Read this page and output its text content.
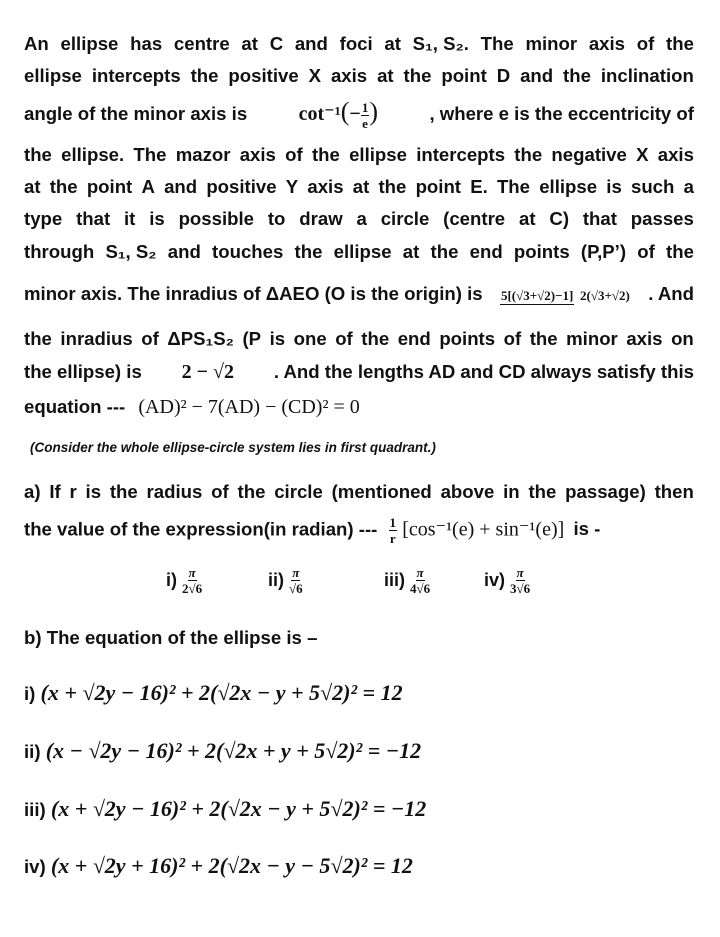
An ellipse has centre at C and foci at S₁, S₂. The minor axis of the
ellipse intercepts the positive X axis at the point D and the inclination
angle of the minor axis is	$\cot^{-1}(- \frac{1}{e}$ )	, where e is the eccentricity of
the ellipse. The mazor axis of the ellipse intercepts the negative X axis
at the point A and positive Y axis at the point E. The ellipse is such a
type that it is possible to draw a circle (centre at C) that passes
through S₁, S₂ and touches the ellipse at the end points (P,P’) of the
minor axis. The inradius of ΔAEO (O is the origin) is 5[(√3+√2)−1] 2(√3+√2) . And
the inradius of ΔPS₁S₂ (P is one of the end points of the minor axis on
the ellipse) is 2 − √2 . And the lengths AD and CD always satisfy this
equation --- (AD)² − 7(AD) − (CD)² = 0
(Consider the whole ellipse-circle system lies in first quadrant.)
a) If r is the radius of the circle (mentioned above in the passage) then
the value of the expression(in radian) --- $\frac{1}{r} [\cos^{-1}(e) + \sin^{-1}(e)]$ is -
$i) \frac{\pi}{2√6}$	$ii) \frac{\pi}{√6}$	$iii) \frac{\pi}{4√6}$	$iv) \frac{\pi}{3√6}$
b) The equation of the ellipse is –
i) (x + √2y − 16)² + 2(√2x − y + 5√2)² = 12
ii) (x − √2y − 16)² + 2(√2x + y + 5√2)² = −12
iii) (x + √2y − 16)² + 2(√2x − y + 5√2)² = −12
iv) (x + √2y + 16)² + 2(√2x − y − 5√2)² = 12
